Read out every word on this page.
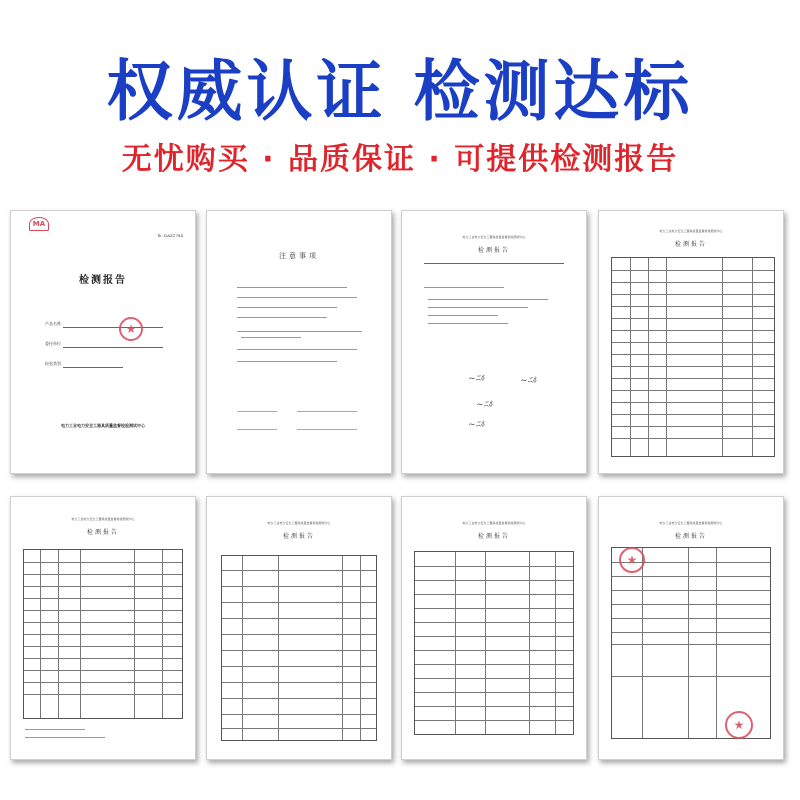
权威认证 检测达标
无忧购买 · 品质保证 · 可提供检测报告
MA
№: DAZ1784
检测报告
产品名称
★
委托单位
检验类别
电力工业电力安全工器具质量监督检验测试中心
注意事项
电力工业电力安全工器具质量监督检验测试中心
检测报告
~ﾆﾙ	~ﾆﾙ
~ﾆﾙ
~ﾆﾙ
电力工业电力安全工器具质量监督检验测试中心
检测报告
电力工业电力安全工器具质量监督检验测试中心
检测报告
电力工业电力安全工器具质量监督检验测试中心
检测报告
电力工业电力安全工器具质量监督检验测试中心
检测报告
电力工业电力安全工器具质量监督检验测试中心
检测报告
★
★
